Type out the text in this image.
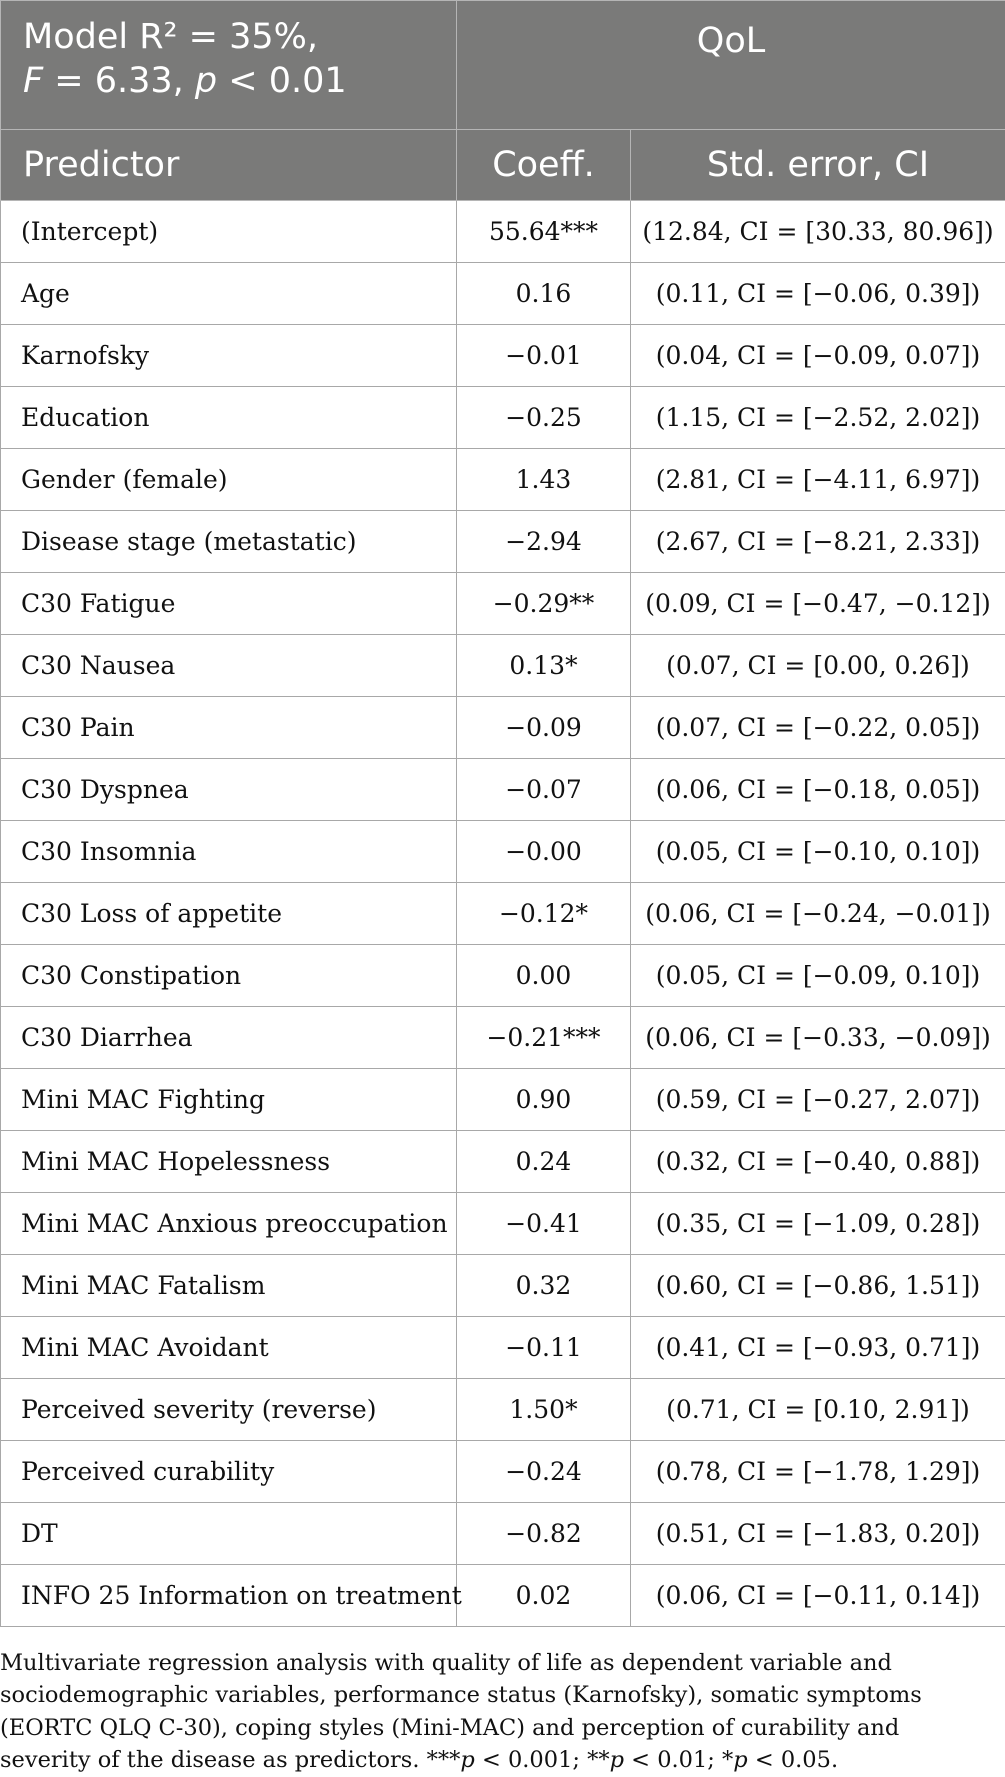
Model R² = 35%,
F = 6.33, p < 0.01	QoL	
Predictor	Coeff.	Std. error, CI
(Intercept)	55.64***	(12.84, CI = [30.33, 80.96])
Age	0.16	(0.11, CI = [−0.06, 0.39])
Karnofsky	−0.01	(0.04, CI = [−0.09, 0.07])
Education	−0.25	(1.15, CI = [−2.52, 2.02])
Gender (female)	1.43	(2.81, CI = [−4.11, 6.97])
Disease stage (metastatic)	−2.94	(2.67, CI = [−8.21, 2.33])
C30 Fatigue	−0.29**	(0.09, CI = [−0.47, −0.12])
C30 Nausea	0.13*	(0.07, CI = [0.00, 0.26])
C30 Pain	−0.09	(0.07, CI = [−0.22, 0.05])
C30 Dyspnea	−0.07	(0.06, CI = [−0.18, 0.05])
C30 Insomnia	−0.00	(0.05, CI = [−0.10, 0.10])
C30 Loss of appetite	−0.12*	(0.06, CI = [−0.24, −0.01])
C30 Constipation	0.00	(0.05, CI = [−0.09, 0.10])
C30 Diarrhea	−0.21***	(0.06, CI = [−0.33, −0.09])
Mini MAC Fighting	0.90	(0.59, CI = [−0.27, 2.07])
Mini MAC Hopelessness	0.24	(0.32, CI = [−0.40, 0.88])
Mini MAC Anxious preoccupation	−0.41	(0.35, CI = [−1.09, 0.28])
Mini MAC Fatalism	0.32	(0.60, CI = [−0.86, 1.51])
Mini MAC Avoidant	−0.11	(0.41, CI = [−0.93, 0.71])
Perceived severity (reverse)	1.50*	(0.71, CI = [0.10, 2.91])
Perceived curability	−0.24	(0.78, CI = [−1.78, 1.29])
DT	−0.82	(0.51, CI = [−1.83, 0.20])
INFO 25 Information on treatment	0.02	(0.06, CI = [−0.11, 0.14])

Multivariate regression analysis with quality of life as dependent variable and sociodemographic variables, performance status (Karnofsky), somatic symptoms (EORTC QLQ C-30), coping styles (Mini-MAC) and perception of curability and severity of the disease as predictors. ***p < 0.001; **p < 0.01; *p < 0.05.
